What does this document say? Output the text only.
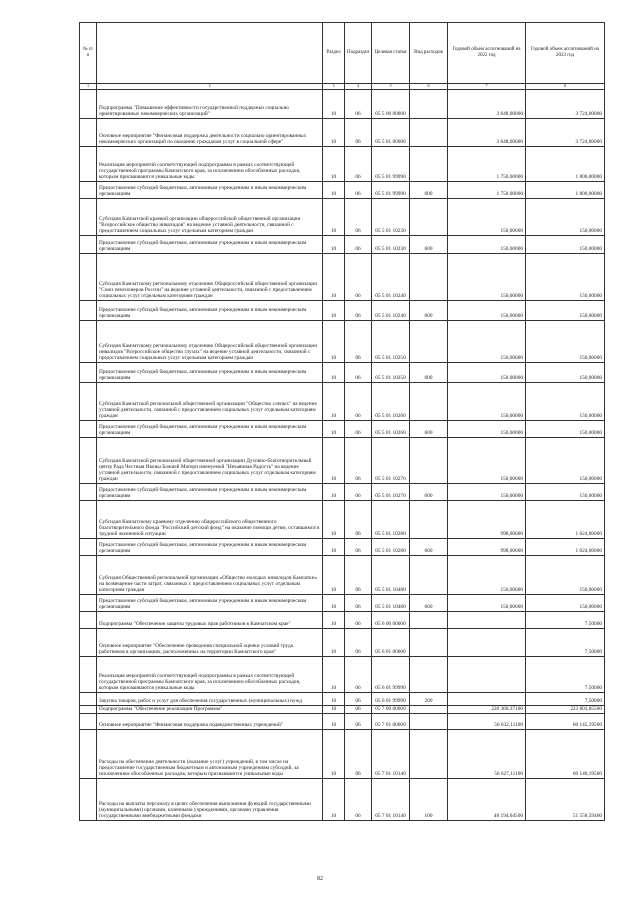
№ п/п		Раздел	Подраздел	Целевая статья	Вид расходов	Годовой объем ассигнований на 2022 год	Годовой объем ассигнований на 2023 год
1	2	3	4	5	6	7	8
	Подпрограмма "Повышение эффективности государственной поддержки социально ориентированных некоммерческих организаций"	10	06	05 5 00 00000		3 648,00000	3 724,00000
	Основное мероприятие "Финансовая поддержка деятельности социально ориентированных некоммерческих организаций по оказанию гражданам услуг в социальной сфере"	10	06	05 5 01 00000		3 648,00000	3 724,00000
	Реализация мероприятий соответствующей подпрограммы в рамках соответствующей государственной программы Камчатского края, за исключением обособленных расходов, которым присваиваются уникальные коды	10	06	05 5 01 99990		1 750,00000	1 800,00000
	Предоставление субсидий бюджетным, автономным учреждениям и иным некоммерческим организациям	10	06	05 5 01 99990	600	1 750,00000	1 800,00000
	Субсидия Камчатской краевой организации общероссийской общественной организации "Всероссийское общество инвалидов" на ведение уставной деятельности, связанной с предоставлением социальных услуг отдельным категориям граждан	10	06	05 5 01 10230		150,00000	150,00000
	Предоставление субсидий бюджетным, автономным учреждениям и иным некоммерческим организациям	10	06	05 5 01 10230	600	150,00000	150,00000
	Субсидия Камчатскому региональному отделению Общероссийской общественной организации "Союз пенсионеров России" на ведение уставной деятельности, связанной с предоставлением социальных услуг отдельным категориям граждан	10	06	05 5 01 10240		150,00000	150,00000
	Предоставление субсидий бюджетным, автономным учреждениям и иным некоммерческим организациям	10	06	05 5 01 10240	600	150,00000	150,00000
	Субсидия Камчатскому региональному отделению Общероссийской общественной организации инвалидов "Всероссийское общество глухих" на ведение уставной деятельности, связанной с предоставлением социальных услуг отдельным категориям граждан	10	06	05 5 01 10250		150,00000	150,00000
	Предоставление субсидий бюджетным, автономным учреждениям и иным некоммерческим организациям	10	06	05 5 01 10250	600	150,00000	150,00000
	Субсидия Камчатской региональной общественной организации "Общество слепых" на ведение уставной деятельности, связанной с предоставлением социальных услуг отдельным категориям граждан	10	06	05 5 01 10260		150,00000	150,00000
	Предоставление субсидий бюджетным, автономным учреждениям и иным некоммерческим организациям	10	06	05 5 01 10260	600	150,00000	150,00000
	Субсидия Камчатской региональной общественной организации Духовно-благотворительный центр Рада Честныя Иконы Божией Матери именуемой "Нечаянная Радость" на ведение уставной деятельности, связанной с предоставлением социальных услуг отдельным категориям граждан	10	06	05 5 01 10270		150,00000	150,00000
	Предоставление субсидий бюджетным, автономным учреждениям и иным некоммерческим организациям	10	06	05 5 01 10270	600	150,00000	150,00000
	Субсидия Камчатскому краевому отделению общероссийского общественного благотворительного фонда "Российский детский фонд" на оказание помощи детям, оставшимся в трудной жизненной ситуации	10	06	05 5 01 10280		998,00000	1 024,00000
	Предоставление субсидий бюджетным, автономным учреждениям и иным некоммерческим организациям	10	06	05 5 01 10280	600	998,00000	1 024,00000
	Субсидия Общественной региональной организации «Общество молодых инвалидов Камчатки» на возмещение части затрат, связанных с предоставлением социальных услуг отдельным категориям граждан	10	06	05 5 01 10480		150,00000	150,00000
	Предоставление субсидий бюджетным, автономным учреждениям и иным некоммерческим организациям	10	06	05 5 01 10480	600	150,00000	150,00000
	Подпрограмма "Обеспечение защиты трудовых прав работников в Камчатском крае"	10	06	05 6 00 00000			7,50000
	Основное мероприятие "Обеспечение проведения специальной оценки условий труда работников в организациях, расположенных на территории Камчатского края"	10	06	05 6 01 00000			7,50000
	Реализация мероприятий соответствующей подпрограммы в рамках соответствующей государственной программы Камчатского края, за исключением обособленных расходов, которым присваиваются уникальные коды	10	06	05 6 01 99990			7,50000
	Закупка товаров, работ и услуг для обеспечения государственных (муниципальных) нужд	10	06	05 6 01 99990	200		7,50000
	Подпрограмма "Обеспечение реализации Программы"	10	06	05 7 00 00000		220 360,37100	223 803,85500
	Основное мероприятие "Финансовая поддержка подведомственных учреждений"	10	06	05 7 01 00000		56 632,11100	60 145,19500
	Расходы на обеспечение деятельности (оказание услуг) учреждений, в том числе на предоставление государственным бюджетным и автономным учреждениям субсидий, за исключением обособленных расходов, которым присваиваются уникальные коды	10	06	05 7 01 10140		56 627,11100	60 140,19500
	Расходы на выплаты персоналу в целях обеспечения выполнения функций государственными (муниципальными) органами, казенными учреждениями, органами управления государственными внебюджетными фондами	10	06	05 7 01 10140	100	48 194,04500	51 558,59400
82
